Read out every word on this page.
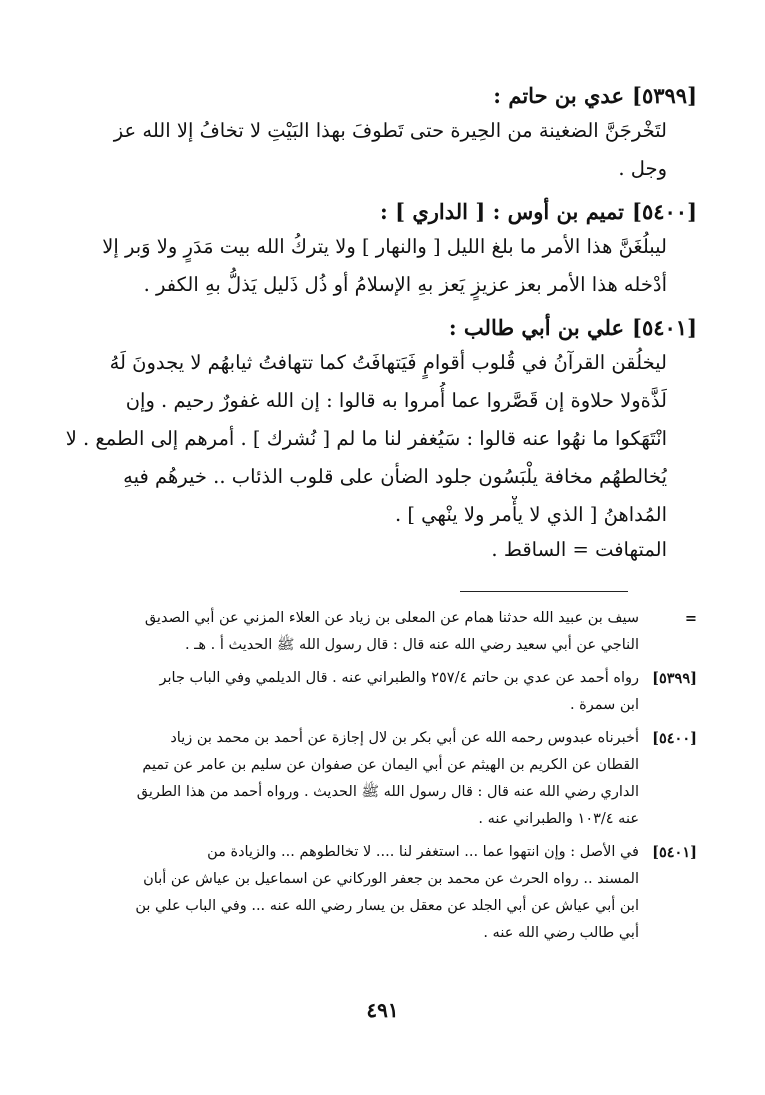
[٥٣٩٩]عدي بن حاتم :
لتَخْرجَنَّ الضغينة من الحِيرة حتى تَطوفَ بهذا البَيْتِ لا تخافُ إلا الله عز
وجل .
[٥٤٠٠]تميم بن أوس : [ الداري ] :
ليبلُغَنَّ هذا الأمر ما بلغ الليل [ والنهار ] ولا يتركُ الله بيت مَدَرٍ ولا وَبر إلا
أدْخله هذا الأمر بعز عزيزٍ يَعز بهِ الإسلامُ أو ذُل ذَليل يَذلُّ بهِ الكفر .
[٥٤٠١]علي بن أبي طالب :
ليخلُقن القرآنُ في قُلوب أقوامٍ فَيَتهافَتُ كما تتهافتُ ثيابهُم لا يجدونَ لَهُ
لَذَّةولا حلاوة إن قَصَّروا عما أُمروا به قالوا : إن الله غفورٌ رحيم . وإن
انْتَهَكوا ما نهُوا عنه قالوا : سَيُغفر لنا ما لم [ نُشرك ] . أمرهم إلى الطمع . لا
يُخالطهُم مخافة يلْبَسُون جلود الضأن على قلوب الذئاب .. خيرهُم فيهِ
المُداهنُ [ الذي لا يأْمر ولا ينْهي ] .
المتهافت = الساقط .
=
سيف بن عبيد الله حدثنا همام عن المعلى بن زياد عن العلاء المزني عن أبي الصديق
الناجي عن أبي سعيد رضي الله عنه قال : قال رسول الله ﷺ الحديث أ . هـ .
[٥٣٩٩]
رواه أحمد عن عدي بن حاتم ٢٥٧/٤ والطبراني عنه . قال الديلمي وفي الباب جابر
ابن سمرة .
[٥٤٠٠]
أخبرناه عبدوس رحمه الله عن أبي بكر بن لال إجازة عن أحمد بن محمد بن زياد
القطان عن الكريم بن الهيثم عن أبي اليمان عن صفوان عن سليم بن عامر عن تميم
الداري رضي الله عنه قال : قال رسول الله ﷺ الحديث . ورواه أحمد من هذا الطريق
عنه ١٠٣/٤ والطبراني عنه .
[٥٤٠١]
في الأصل : وإن انتهوا عما ... استغفر لنا .... لا تخالطوهم ... والزيادة من
المسند .. رواه الحرث عن محمد بن جعفر الوركاني عن اسماعيل بن عياش عن أبان
ابن أبي عياش عن أبي الجلد عن معقل بن يسار رضي الله عنه ... وفي الباب علي بن
أبي طالب رضي الله عنه .
٤٩١
